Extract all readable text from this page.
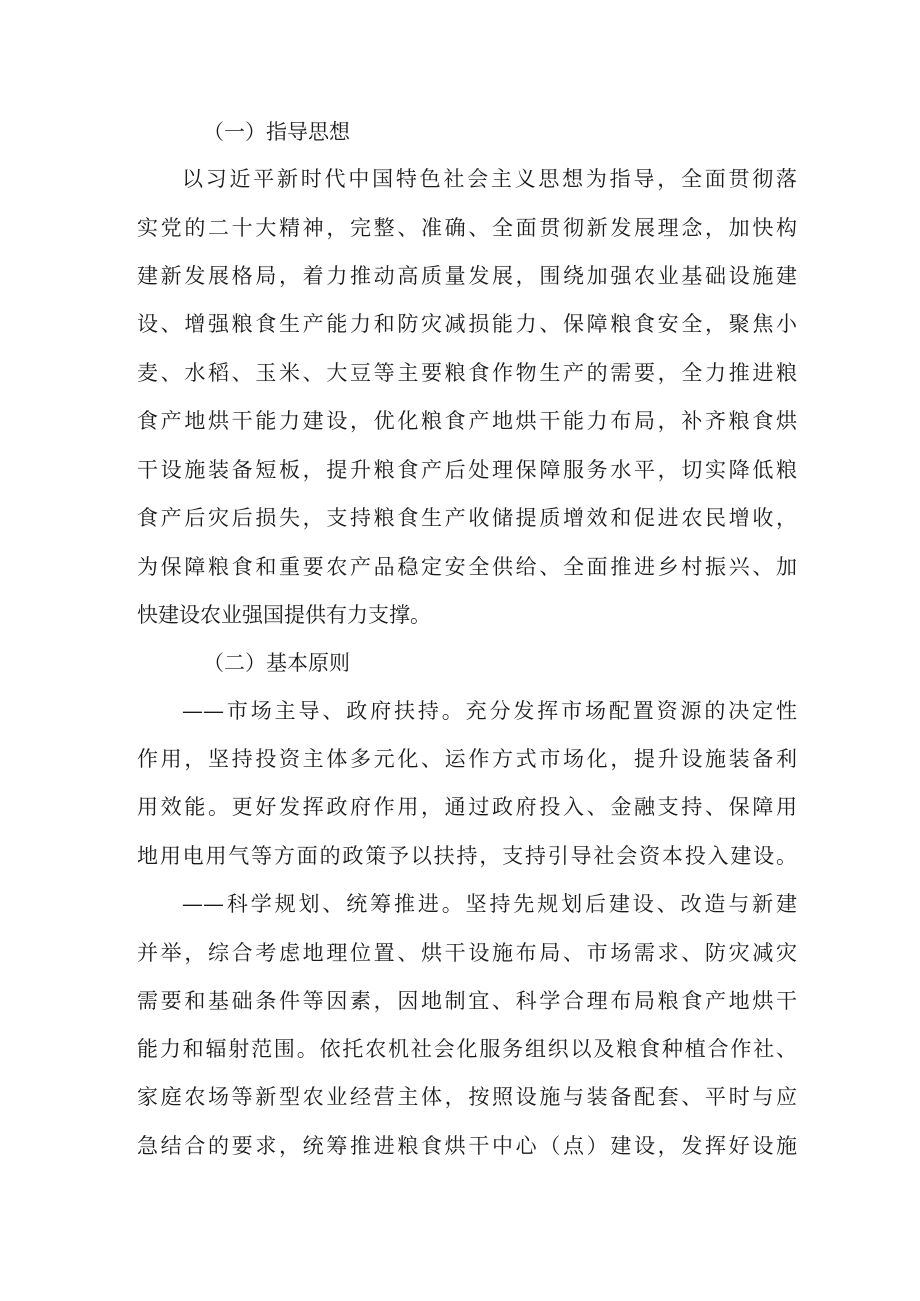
（一）指导思想
以习近平新时代中国特色社会主义思想为指导，全面贯彻落
实党的二十大精神，完整、准确、全面贯彻新发展理念，加快构
建新发展格局，着力推动高质量发展，围绕加强农业基础设施建
设、增强粮食生产能力和防灾减损能力、保障粮食安全，聚焦小
麦、水稻、玉米、大豆等主要粮食作物生产的需要，全力推进粮
食产地烘干能力建设，优化粮食产地烘干能力布局，补齐粮食烘
干设施装备短板，提升粮食产后处理保障服务水平，切实降低粮
食产后灾后损失，支持粮食生产收储提质增效和促进农民增收，
为保障粮食和重要农产品稳定安全供给、全面推进乡村振兴、加
快建设农业强国提供有力支撑。
（二）基本原则
——市场主导、政府扶持。充分发挥市场配置资源的决定性
作用，坚持投资主体多元化、运作方式市场化，提升设施装备利
用效能。更好发挥政府作用，通过政府投入、金融支持、保障用
地用电用气等方面的政策予以扶持，支持引导社会资本投入建设。
——科学规划、统筹推进。坚持先规划后建设、改造与新建
并举，综合考虑地理位置、烘干设施布局、市场需求、防灾减灾
需要和基础条件等因素，因地制宜、科学合理布局粮食产地烘干
能力和辐射范围。依托农机社会化服务组织以及粮食种植合作社、
家庭农场等新型农业经营主体，按照设施与装备配套、平时与应
急结合的要求，统筹推进粮食烘干中心（点）建设，发挥好设施
